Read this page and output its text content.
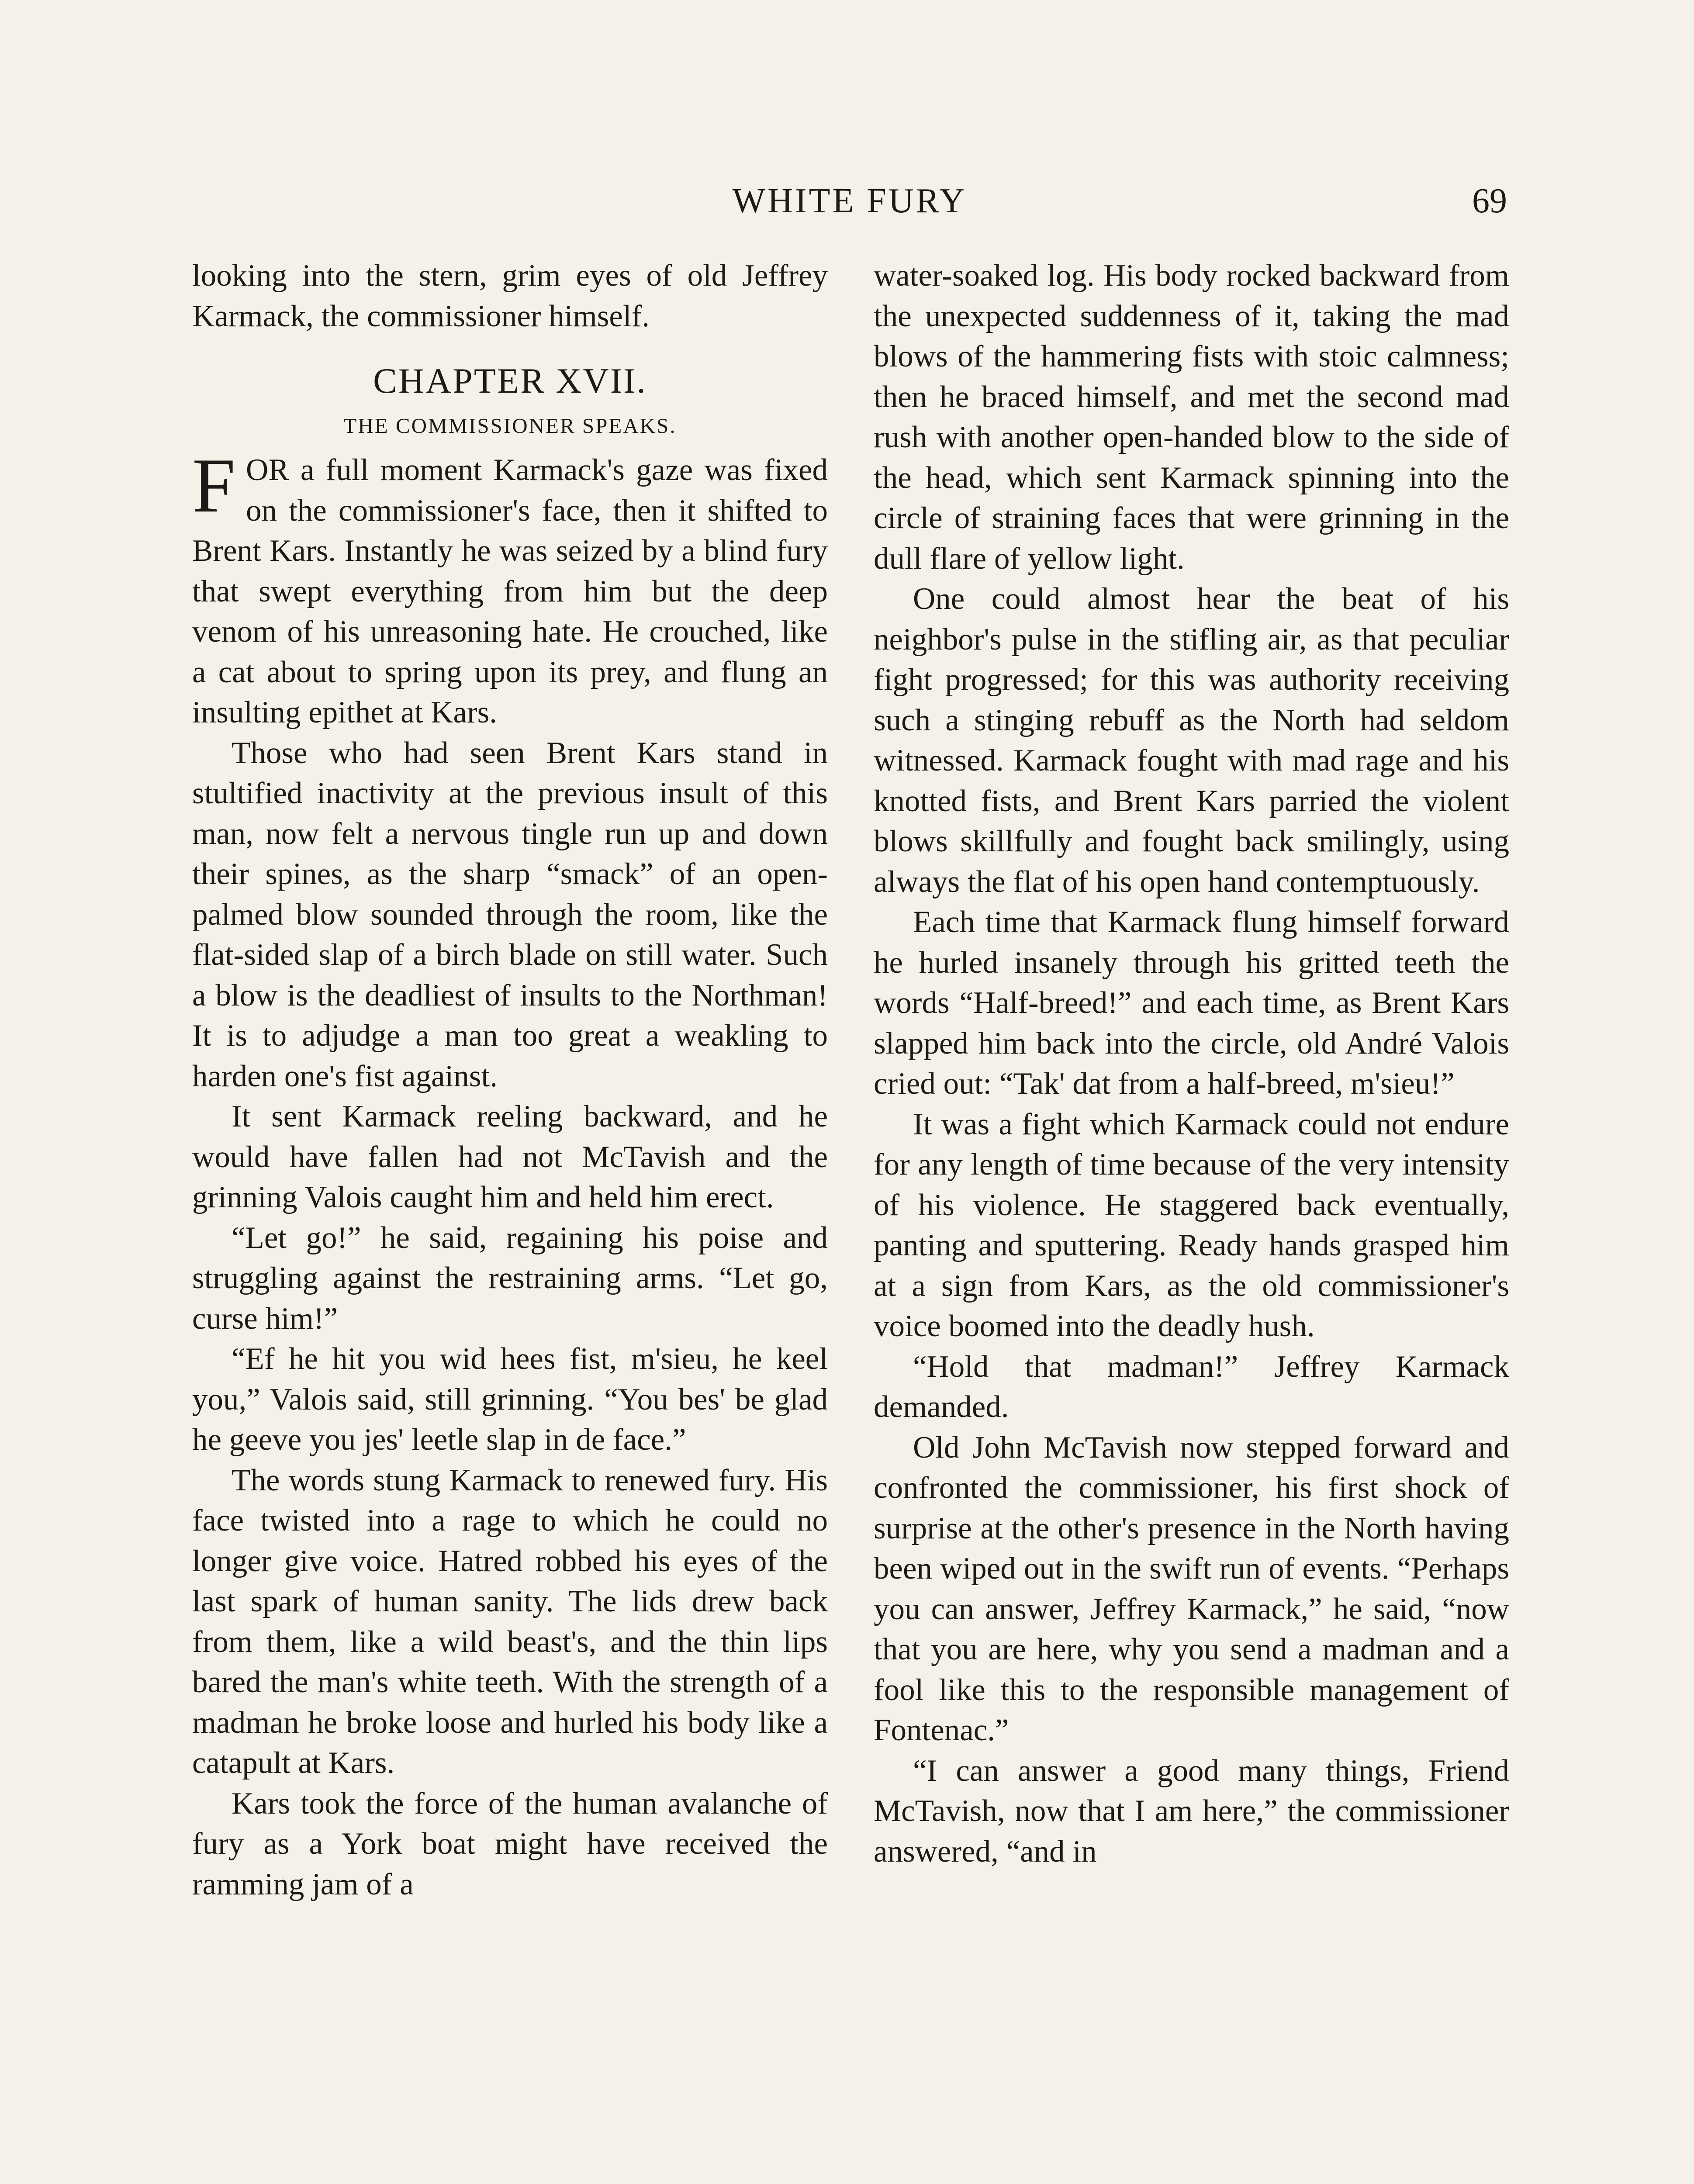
WHITE FURY	69

looking into the stern, grim eyes of old Jeffrey Karmack, the commissioner himself.

CHAPTER XVII.
THE COMMISSIONER SPEAKS.

FOR a full moment Karmack's gaze was fixed on the commissioner's face, then it shifted to Brent Kars. Instantly he was seized by a blind fury that swept everything from him but the deep venom of his unreasoning hate. He crouched, like a cat about to spring upon its prey, and flung an insulting epithet at Kars.

Those who had seen Brent Kars stand in stultified inactivity at the previous insult of this man, now felt a nervous tingle run up and down their spines, as the sharp “smack” of an open-palmed blow sounded through the room, like the flat-sided slap of a birch blade on still water. Such a blow is the deadliest of insults to the Northman! It is to adjudge a man too great a weakling to harden one's fist against.

It sent Karmack reeling backward, and he would have fallen had not McTavish and the grinning Valois caught him and held him erect.

“Let go!” he said, regaining his poise and struggling against the restraining arms. “Let go, curse him!”

“Ef he hit you wid hees fist, m'sieu, he keel you,” Valois said, still grinning. “You bes' be glad he geeve you jes' leetle slap in de face.”

The words stung Karmack to renewed fury. His face twisted into a rage to which he could no longer give voice. Hatred robbed his eyes of the last spark of human sanity. The lids drew back from them, like a wild beast's, and the thin lips bared the man's white teeth. With the strength of a madman he broke loose and hurled his body like a catapult at Kars.

Kars took the force of the human avalanche of fury as a York boat might have received the ramming jam of a

water-soaked log. His body rocked backward from the unexpected suddenness of it, taking the mad blows of the hammering fists with stoic calmness; then he braced himself, and met the second mad rush with another open-handed blow to the side of the head, which sent Karmack spinning into the circle of straining faces that were grinning in the dull flare of yellow light.

One could almost hear the beat of his neighbor's pulse in the stifling air, as that peculiar fight progressed; for this was authority receiving such a stinging rebuff as the North had seldom witnessed. Karmack fought with mad rage and his knotted fists, and Brent Kars parried the violent blows skillfully and fought back smilingly, using always the flat of his open hand contemptuously.

Each time that Karmack flung himself forward he hurled insanely through his gritted teeth the words “Half-breed!” and each time, as Brent Kars slapped him back into the circle, old André Valois cried out: “Tak' dat from a half-breed, m'sieu!”

It was a fight which Karmack could not endure for any length of time because of the very intensity of his violence. He staggered back eventually, panting and sputtering. Ready hands grasped him at a sign from Kars, as the old commissioner's voice boomed into the deadly hush.

“Hold that madman!” Jeffrey Karmack demanded.

Old John McTavish now stepped forward and confronted the commissioner, his first shock of surprise at the other's presence in the North having been wiped out in the swift run of events. “Perhaps you can answer, Jeffrey Karmack,” he said, “now that you are here, why you send a madman and a fool like this to the responsible management of Fontenac.”

“I can answer a good many things, Friend McTavish, now that I am here,” the commissioner answered, “and in
